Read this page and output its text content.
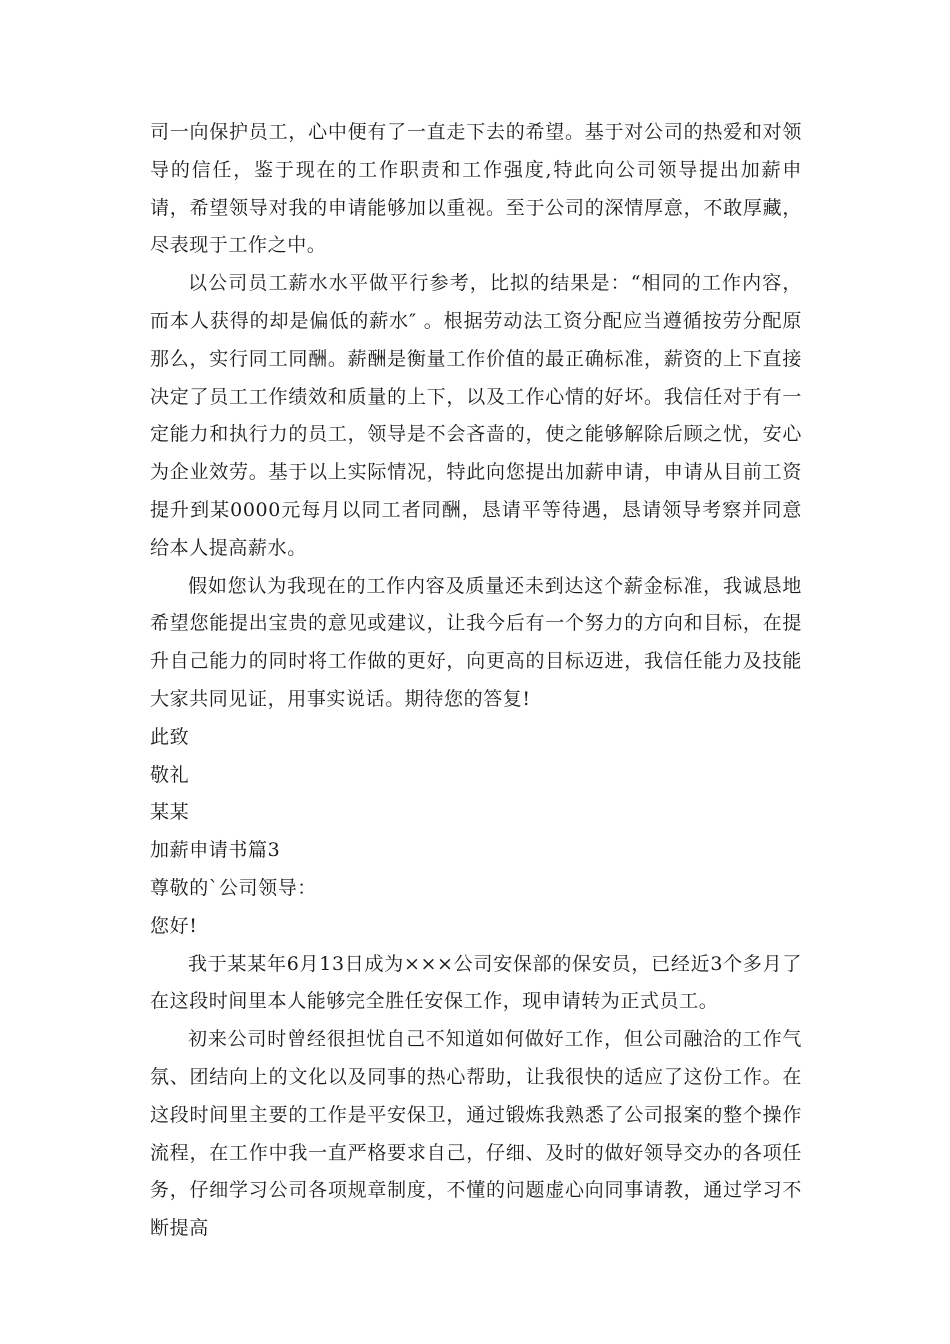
司一向保护员工，心中便有了一直走下去的希望。基于对公司的热爱和对领导的信任，鉴于现在的工作职责和工作强度,特此向公司领导提出加薪申请，希望领导对我的申请能够加以重视。至于公司的深情厚意，不敢厚藏，尽表现于工作之中。

以公司员工薪水水平做平行参考，比拟的结果是：“相同的工作内容，而本人获得的却是偏低的薪水″ 。根据劳动法工资分配应当遵循按劳分配原那么，实行同工同酬。薪酬是衡量工作价值的最正确标准，薪资的上下直接决定了员工工作绩效和质量的上下，以及工作心情的好坏。我信任对于有一定能力和执行力的员工，领导是不会吝啬的，使之能够解除后顾之忧，安心为企业效劳。基于以上实际情况，特此向您提出加薪申请，申请从目前工资提升到某0000元每月以同工者同酬，恳请平等待遇，恳请领导考察并同意给本人提高薪水。

假如您认为我现在的工作内容及质量还未到达这个薪金标准，我诚恳地希望您能提出宝贵的意见或建议，让我今后有一个努力的方向和目标，在提升自己能力的同时将工作做的更好，向更高的目标迈进，我信任能力及技能大家共同见证，用事实说话。期待您的答复!

此致

敬礼

某某

加薪申请书篇3

尊敬的`公司领导：

您好!

我于某某年6月13日成为×××公司安保部的保安员，已经近3个多月了在这段时间里本人能够完全胜任安保工作，现申请转为正式员工。

初来公司时曾经很担忧自己不知道如何做好工作，但公司融洽的工作气氛、团结向上的文化以及同事的热心帮助，让我很快的适应了这份工作。在这段时间里主要的工作是平安保卫，通过锻炼我熟悉了公司报案的整个操作流程，在工作中我一直严格要求自己，仔细、及时的做好领导交办的各项任务，仔细学习公司各项规章制度，不懂的问题虚心向同事请教，通过学习不断提高
